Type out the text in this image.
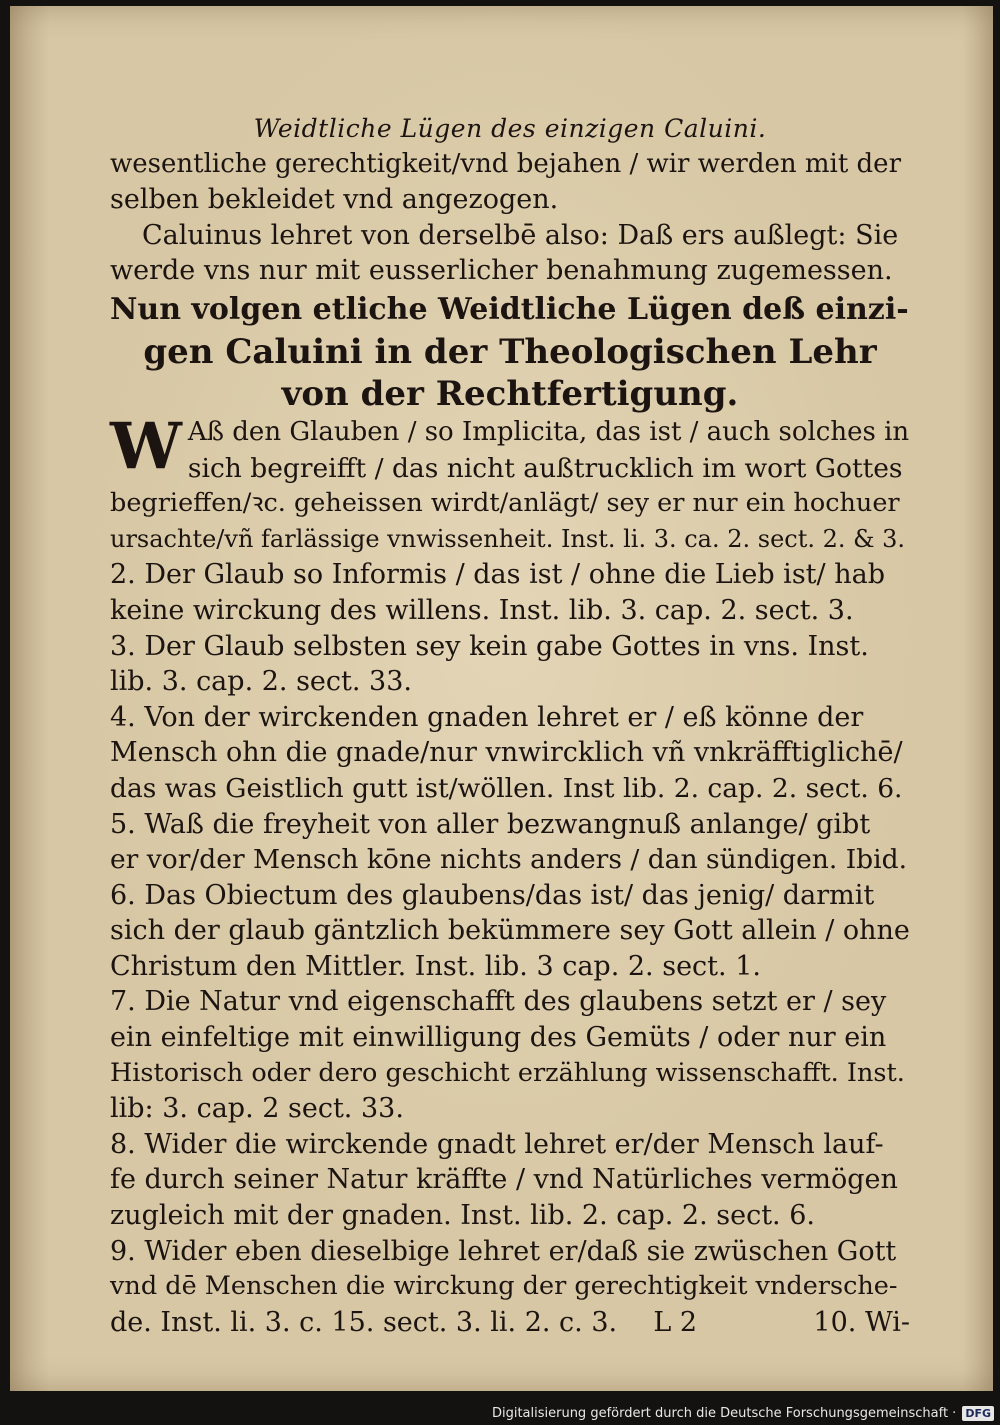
Weidtliche Lügen des einzigen Caluini.
wesentliche gerechtigkeit/vnd bejahen / wir werden mit der
selben bekleidet vnd angezogen.
Caluinus lehret von derselbē also: Daß ers außlegt: Sie
werde vns nur mit eusserlicher benahmung zugemessen.
Nun volgen etliche Weidtliche Lügen deß einzi-
gen Caluini in der Theologischen Lehr
von der Rechtfertigung.
W Aß den Glauben / so Implicita, das ist / auch solches in
sich begreifft / das nicht außtrucklich im wort Gottes
begrieffen/ꝛc. geheissen wirdt/anlägt/ sey er nur ein hochuer
ursachte/vñ farlässige vnwissenheit. Inst. li. 3. ca. 2. sect. 2. & 3.
2. Der Glaub so Informis / das ist / ohne die Lieb ist/ hab
keine wirckung des willens. Inst. lib. 3. cap. 2. sect. 3.
3. Der Glaub selbsten sey kein gabe Gottes in vns. Inst.
lib. 3. cap. 2. sect. 33.
4. Von der wirckenden gnaden lehret er / eß könne der
Mensch ohn die gnade/nur vnwircklich vñ vnkräfftiglichē/
das was Geistlich gutt ist/wöllen. Inst lib. 2. cap. 2. sect. 6.
5. Waß die freyheit von aller bezwangnuß anlange/ gibt
er vor/der Mensch kōne nichts anders / dan sündigen. Ibid.
6. Das Obiectum des glaubens/das ist/ das jenig/ darmit
sich der glaub gäntzlich bekümmere sey Gott allein / ohne
Christum den Mittler. Inst. lib. 3 cap. 2. sect. 1.
7. Die Natur vnd eigenschafft des glaubens setzt er / sey
ein einfeltige mit einwilligung des Gemüts / oder nur ein
Historisch oder dero geschicht erzählung wissenschafft. Inst.
lib: 3. cap. 2 sect. 33.
8. Wider die wirckende gnadt lehret er/der Mensch lauf-
fe durch seiner Natur kräffte / vnd Natürliches vermögen
zugleich mit der gnaden. Inst. lib. 2. cap. 2. sect. 6.
9. Wider eben dieselbige lehret er/daß sie zwüschen Gott
vnd dē Menschen die wirckung der gerechtigkeit vndersche-
de. Inst. li. 3. c. 15. sect. 3. li. 2. c. 3. L 2	10. Wi-
Digitalisierung gefördert durch die Deutsche Forschungsgemeinschaft · DFG
